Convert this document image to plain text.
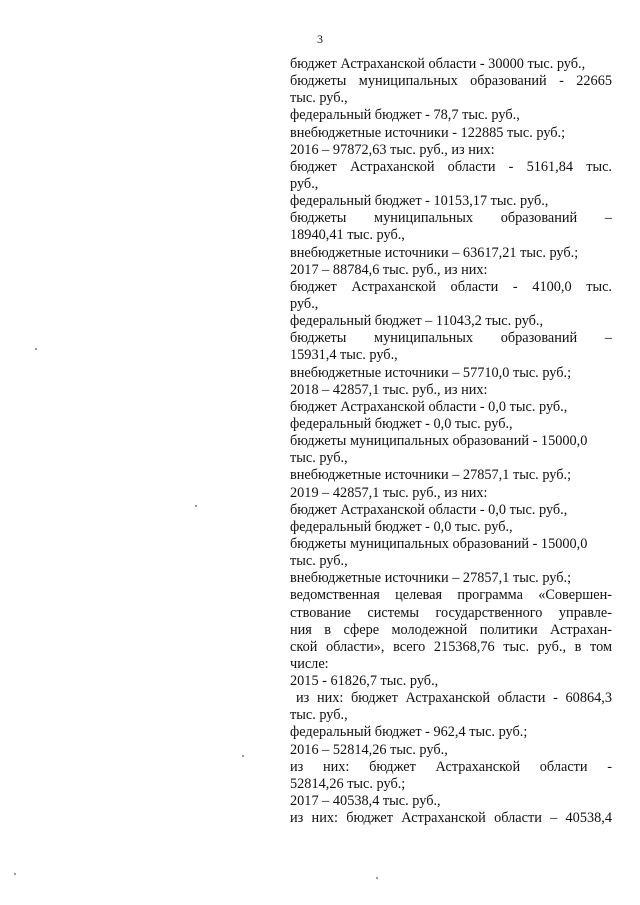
3
бюджет Астраханской области - 30000 тыс. руб.,
бюджеты муниципальных образований - 22665
тыс. руб.,
федеральный бюджет - 78,7 тыс. руб.,
внебюджетные источники - 122885 тыс. руб.;
2016 – 97872,63 тыс. руб., из них:
бюджет Астраханской области - 5161,84 тыс.
руб.,
федеральный бюджет - 10153,17 тыс. руб.,
бюджеты муниципальных образований –
18940,41 тыс. руб.,
внебюджетные источники – 63617,21 тыс. руб.;
2017 – 88784,6 тыс. руб., из них:
бюджет Астраханской области - 4100,0 тыс.
руб.,
федеральный бюджет – 11043,2 тыс. руб.,
бюджеты муниципальных образований –
15931,4 тыс. руб.,
внебюджетные источники – 57710,0 тыс. руб.;
2018 – 42857,1 тыс. руб., из них:
бюджет Астраханской области - 0,0 тыс. руб.,
федеральный бюджет - 0,0 тыс. руб.,
бюджеты муниципальных образований - 15000,0
тыс. руб.,
внебюджетные источники – 27857,1 тыс. руб.;
2019 – 42857,1 тыс. руб., из них:
бюджет Астраханской области - 0,0 тыс. руб.,
федеральный бюджет - 0,0 тыс. руб.,
бюджеты муниципальных образований - 15000,0
тыс. руб.,
внебюджетные источники – 27857,1 тыс. руб.;
ведомственная целевая программа «Совершен-
ствование системы государственного управле-
ния в сфере молодежной политики Астрахан-
ской области», всего 215368,76 тыс. руб., в том
числе:
2015 - 61826,7 тыс. руб.,
из них: бюджет Астраханской области - 60864,3
тыс. руб.,
федеральный бюджет - 962,4 тыс. руб.;
2016 – 52814,26 тыс. руб.,
из них: бюджет Астраханской области -
52814,26 тыс. руб.;
2017 – 40538,4 тыс. руб.,
из них: бюджет Астраханской области – 40538,4
